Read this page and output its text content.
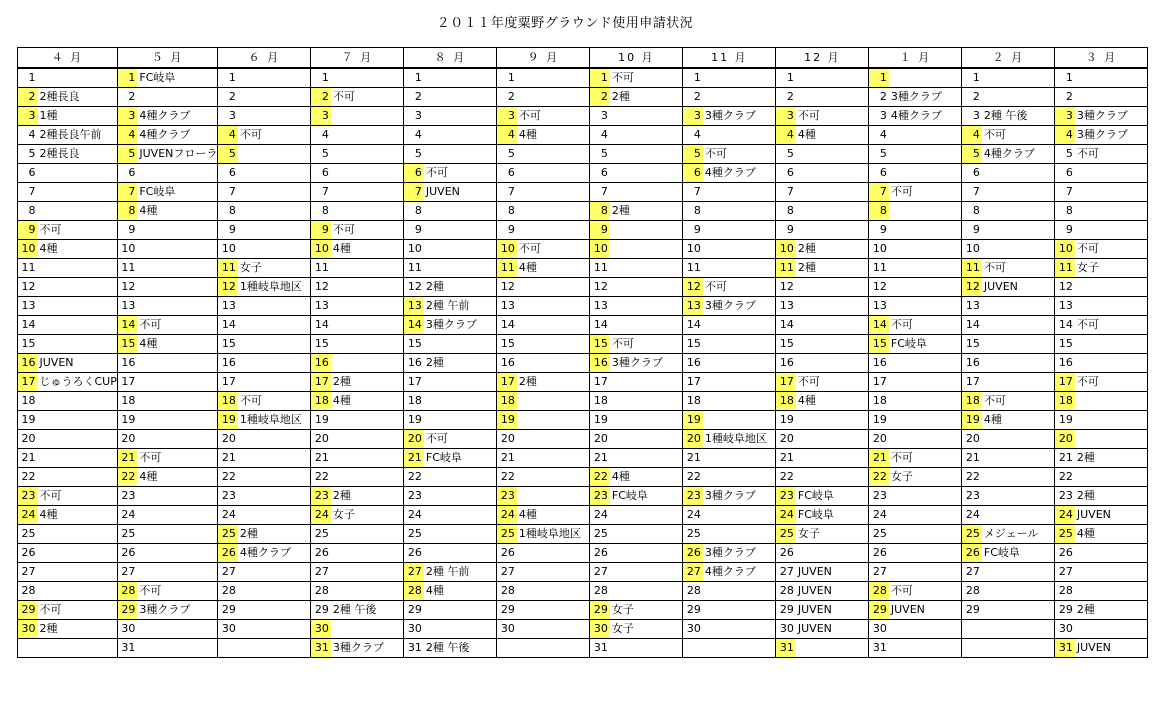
２０１１年度粟野グラウンド使用申請状況
４ 月		５ 月		６ 月		７ 月		８ 月		９ 月		10 月		11 月		12 月		１ 月		２ 月		３ 月	
1		1	FC岐阜	1		1		1		1		1	不可	1		1		1		1		1	
2	2種長良	2		2		2	不可	2		2		2	2種	2		2		2	3種クラブ	2		2	
3	1種	3	4種クラブ	3		3		3		3	不可	3		3	3種クラブ	3	不可	3	4種クラブ	3	2種 午後	3	3種クラブ
4	2種長良午前	4	4種クラブ	4	不可	4		4		4	4種	4		4		4	4種	4		4	不可	4	3種クラブ
5	2種長良	5	JUVENフローラ	5		5		5		5		5		5	不可	5		5		5	4種クラブ	5	不可
6		6		6		6		6	不可	6		6		6	4種クラブ	6		6		6		6	
7		7	FC岐阜	7		7		7	JUVEN	7		7		7		7		7	不可	7		7	
8		8	4種	8		8		8		8		8	2種	8		8		8		8		8	
9	不可	9		9		9	不可	9		9		9		9		9		9		9		9	
10	4種	10		10		10	4種	10		10	不可	10		10		10	2種	10		10		10	不可
11		11		11	女子	11		11		11	4種	11		11		11	2種	11		11	不可	11	女子
12		12		12	1種岐阜地区	12		12	2種	12		12		12	不可	12		12		12	JUVEN	12	
13		13		13		13		13	2種 午前	13		13		13	3種クラブ	13		13		13		13	
14		14	不可	14		14		14	3種クラブ	14		14		14		14		14	不可	14		14	不可
15		15	4種	15		15		15		15		15	不可	15		15		15	FC岐阜	15		15	
16	JUVEN	16		16		16		16	2種	16		16	3種クラブ	16		16		16		16		16	
17	じゅうろくCUP	17		17		17	2種	17		17	2種	17		17		17	不可	17		17		17	不可
18		18		18	不可	18	4種	18		18		18		18		18	4種	18		18	不可	18	
19		19		19	1種岐阜地区	19		19		19		19		19		19		19		19	4種	19	
20		20		20		20		20	不可	20		20		20	1種岐阜地区	20		20		20		20	
21		21	不可	21		21		21	FC岐阜	21		21		21		21		21	不可	21		21	2種
22		22	4種	22		22		22		22		22	4種	22		22		22	女子	22		22	
23	不可	23		23		23	2種	23		23		23	FC岐阜	23	3種クラブ	23	FC岐阜	23		23		23	2種
24	4種	24		24		24	女子	24		24	4種	24		24		24	FC岐阜	24		24		24	JUVEN
25		25		25	2種	25		25		25	1種岐阜地区	25		25		25	女子	25		25	メジェール	25	4種
26		26		26	4種クラブ	26		26		26		26		26	3種クラブ	26		26		26	FC岐阜	26	
27		27		27		27		27	2種 午前	27		27		27	4種クラブ	27	JUVEN	27		27		27	
28		28	不可	28		28		28	4種	28		28		28		28	JUVEN	28	不可	28		28	
29	不可	29	3種クラブ	29		29	2種 午後	29		29		29	女子	29		29	JUVEN	29	JUVEN	29		29	2種
30	2種	30		30		30		30		30		30	女子	30		30	JUVEN	30				30	
		31				31	3種クラブ	31	2種 午後			31				31		31				31	JUVEN
